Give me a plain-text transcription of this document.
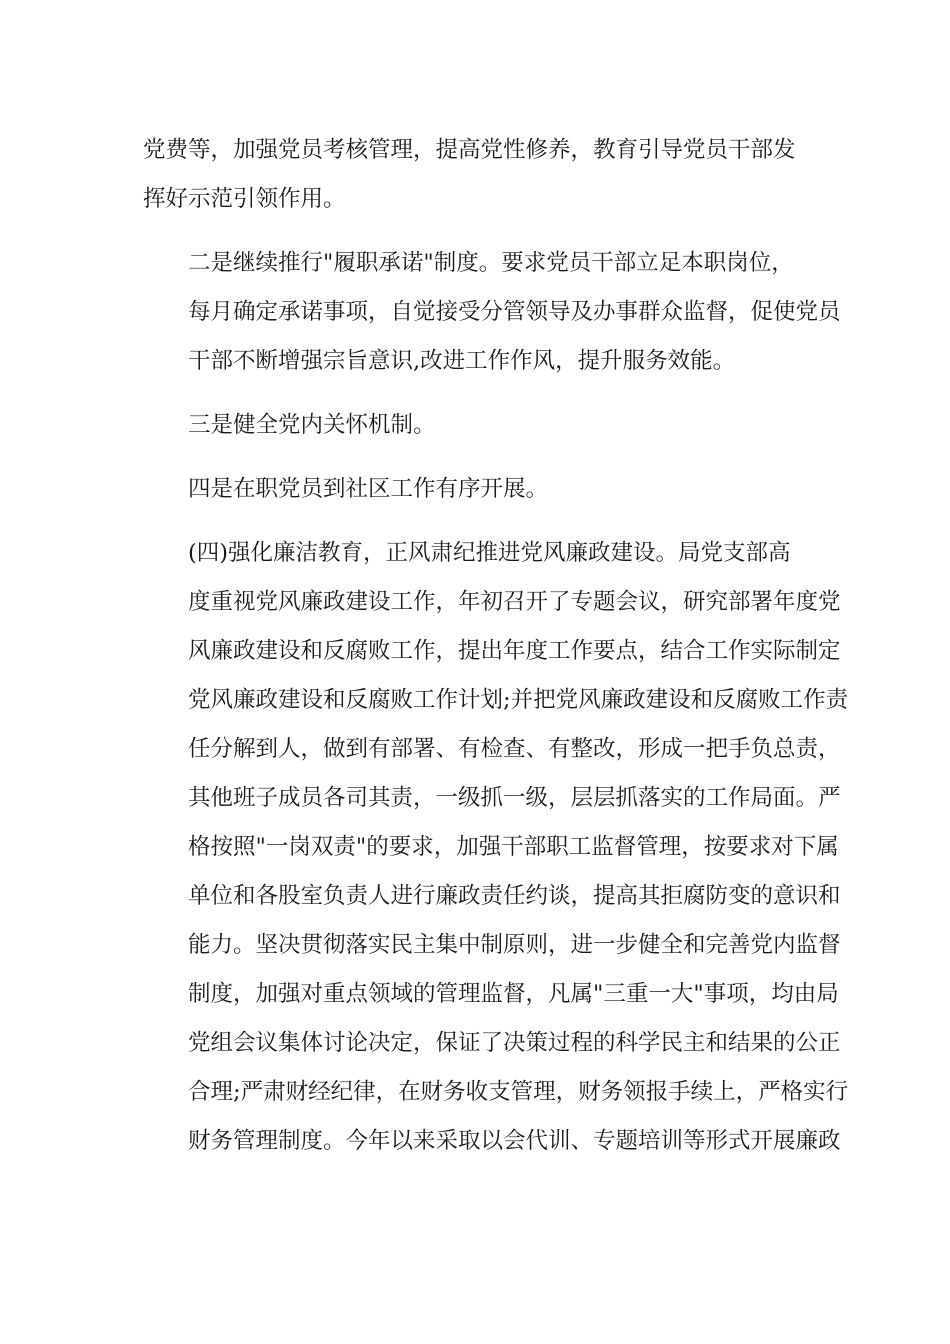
党费等，加强党员考核管理，提高党性修养，教育引导党员干部发
挥好示范引领作用。

二是继续推行"履职承诺"制度。要求党员干部立足本职岗位，
每月确定承诺事项，自觉接受分管领导及办事群众监督，促使党员
干部不断增强宗旨意识,改进工作作风，提升服务效能。

三是健全党内关怀机制。

四是在职党员到社区工作有序开展。

(四)强化廉洁教育，正风肃纪推进党风廉政建设。局党支部高
度重视党风廉政建设工作，年初召开了专题会议，研究部署年度党
风廉政建设和反腐败工作，提出年度工作要点，结合工作实际制定
党风廉政建设和反腐败工作计划;并把党风廉政建设和反腐败工作责
任分解到人，做到有部署、有检查、有整改，形成一把手负总责，
其他班子成员各司其责，一级抓一级，层层抓落实的工作局面。严
格按照"一岗双责"的要求，加强干部职工监督管理，按要求对下属
单位和各股室负责人进行廉政责任约谈，提高其拒腐防变的意识和
能力。坚决贯彻落实民主集中制原则，进一步健全和完善党内监督
制度，加强对重点领域的管理监督，凡属"三重一大"事项，均由局
党组会议集体讨论决定，保证了决策过程的科学民主和结果的公正
合理;严肃财经纪律，在财务收支管理，财务领报手续上，严格实行
财务管理制度。今年以来采取以会代训、专题培训等形式开展廉政
